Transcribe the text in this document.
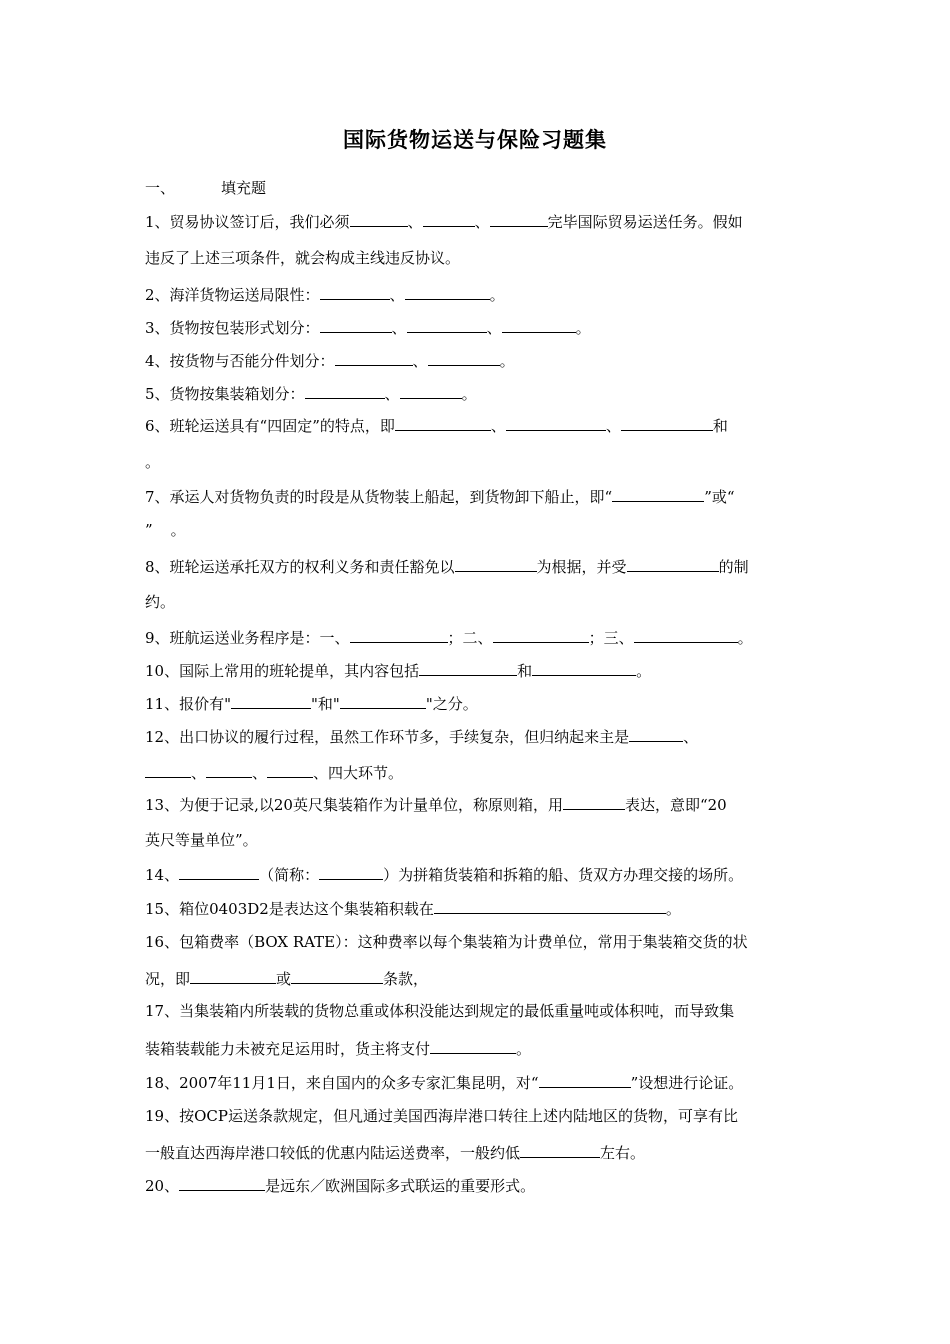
国际货物运送与保险习题集
一、	填充题
1、贸易协议签订后，我们必须	、	、	完毕国际贸易运送任务。假如
违反了上述三项条件，就会构成主线违反协议。
2、海洋货物运送局限性：	、	。
3、货物按包装形式划分：	、	、	。
4、按货物与否能分件划分：	、	。
5、货物按集装箱划分：	、	。
6、班轮运送具有“四固定”的特点，即	、	、	和
。
7、承运人对货物负责的时段是从货物装上船起，到货物卸下船止，即“	”或“
” 。
8、班轮运送承托双方的权利义务和责任豁免以	为根据，并受	的制
约。
9、班航运送业务程序是：一、	；二、	；三、	。
10、国际上常用的班轮提单，其内容包括	和	。
11、报价有"	"和"	"之分。
12、出口协议的履行过程，虽然工作环节多，手续复杂，但归纳起来主是	、
、	、	、四大环节。
13、为便于记录,以20英尺集装箱作为计量单位，称原则箱，用	表达，意即“20
英尺等量单位”。
14、	（简称：	）为拼箱货装箱和拆箱的船、货双方办理交接的场所。
15、箱位0403D2是表达这个集装箱积载在	。
16、包箱费率（BOX RATE）：这种费率以每个集装箱为计费单位，常用于集装箱交货的状
况，即	或	条款，
17、当集装箱内所装载的货物总重或体积没能达到规定的最低重量吨或体积吨，而导致集
装箱装载能力未被充足运用时，货主将支付	。
18、2007年11月1日，来自国内的众多专家汇集昆明，对“	”设想进行论证。
19、按OCP运送条款规定，但凡通过美国西海岸港口转往上述内陆地区的货物，可享有比
一般直达西海岸港口较低的优惠内陆运送费率，一般约低	左右。
20、	是远东／欧洲国际多式联运的重要形式。
